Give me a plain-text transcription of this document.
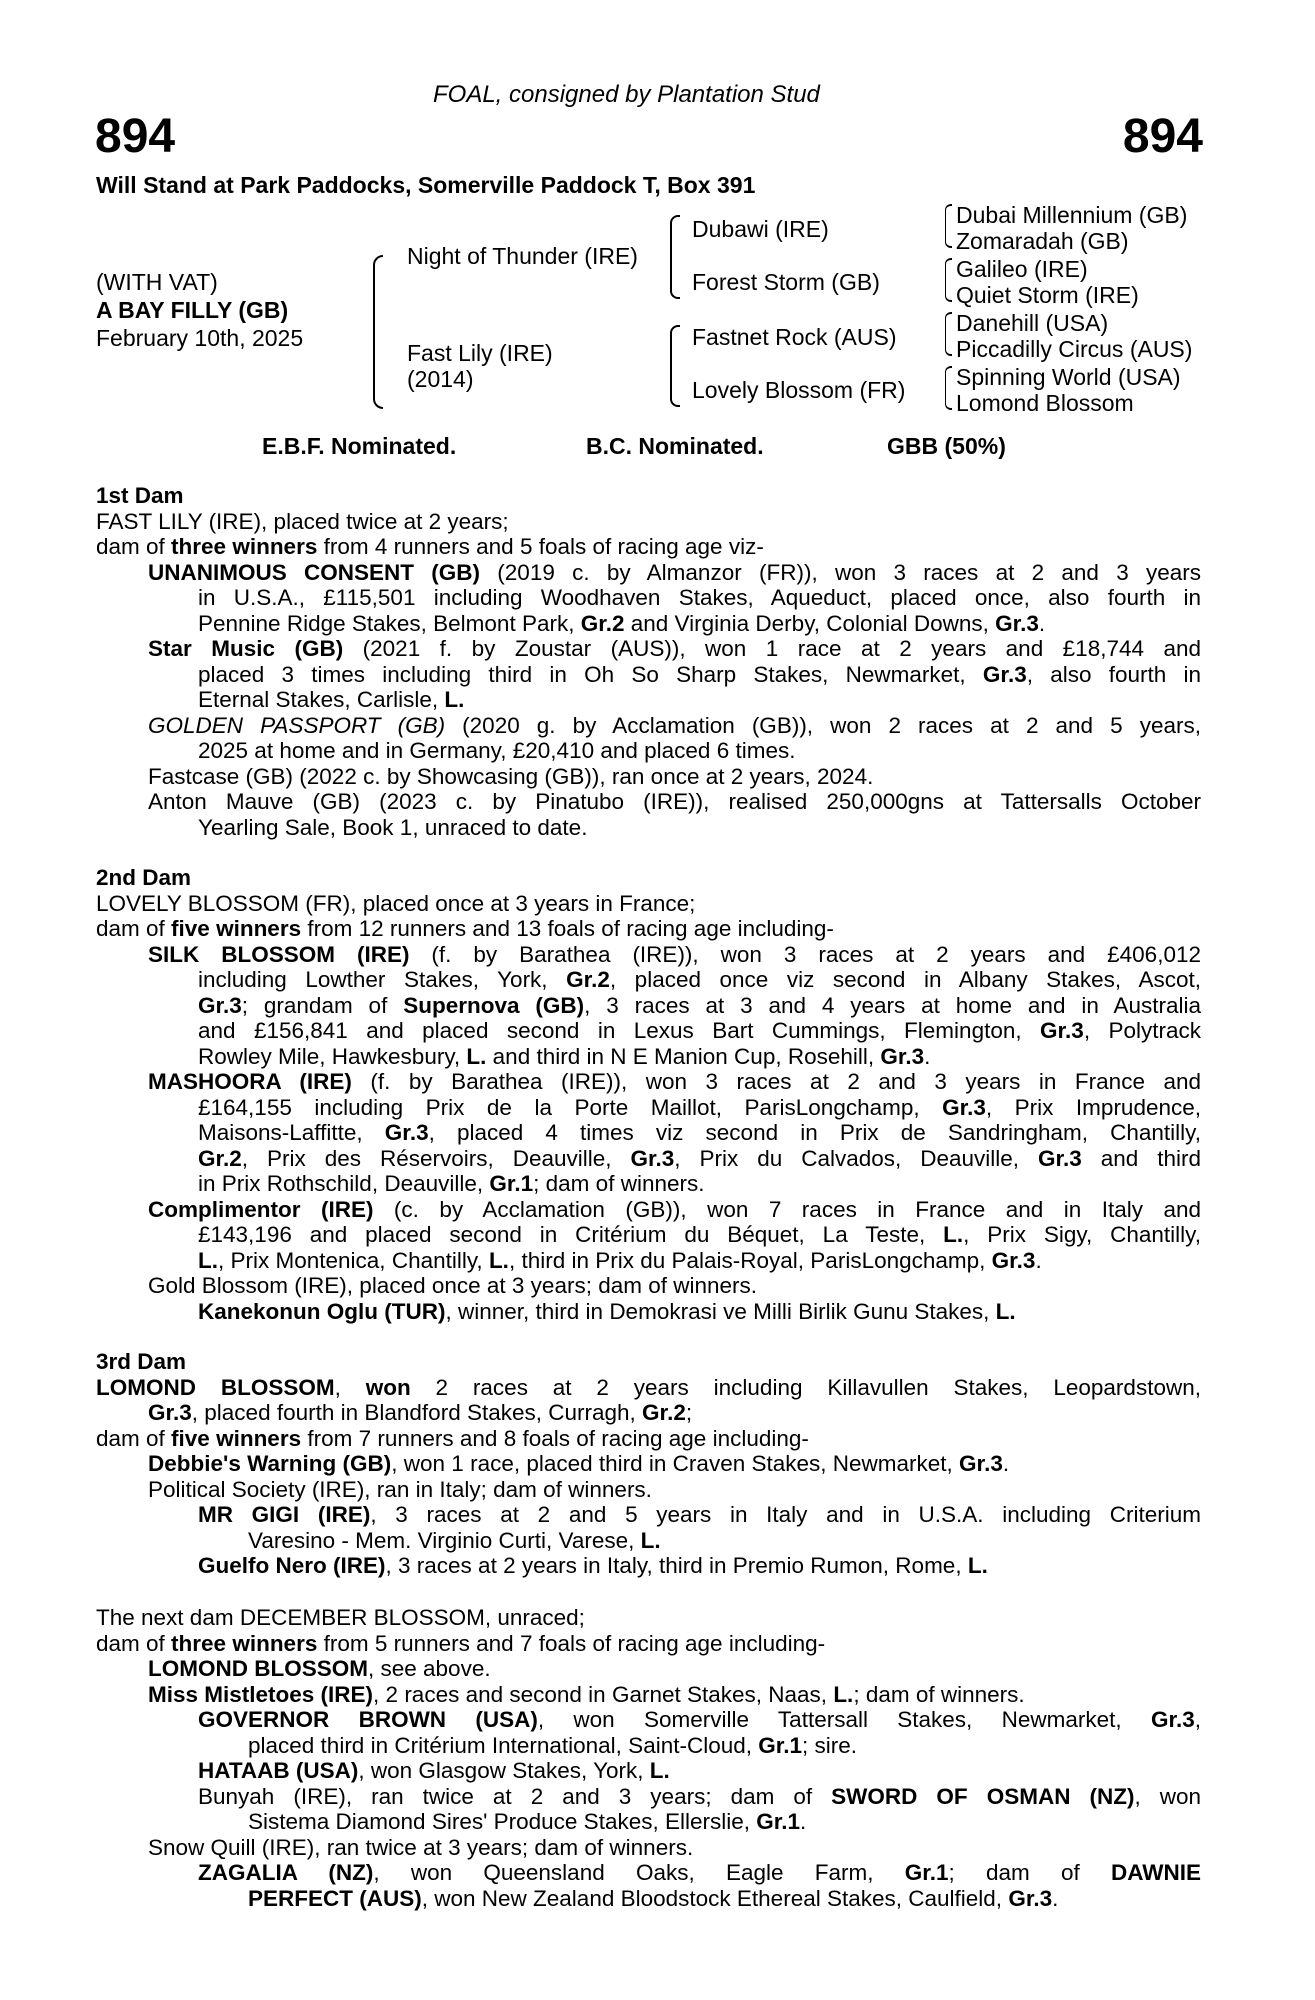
FOAL, consigned by Plantation Stud
894	894
Will Stand at Park Paddocks, Somerville Paddock T, Box 391
(WITH VAT)
A BAY FILLY (GB)
February 10th, 2025
Night of Thunder (IRE)
Fast Lily (IRE)
(2014)
Dubawi (IRE)
Forest Storm (GB)
Fastnet Rock (AUS)
Lovely Blossom (FR)
Dubai Millennium (GB)
Zomaradah (GB)
Galileo (IRE)
Quiet Storm (IRE)
Danehill (USA)
Piccadilly Circus (AUS)
Spinning World (USA)
Lomond Blossom
E.B.F. Nominated.	B.C. Nominated.	GBB (50%)
1st Dam
FAST LILY (IRE), placed twice at 2 years;
dam of three winners from 4 runners and 5 foals of racing age viz-
UNANIMOUS CONSENT (GB) (2019 c. by Almanzor (FR)), won 3 races at 2 and 3 years
in U.S.A., £115,501 including Woodhaven Stakes, Aqueduct, placed once, also fourth in
Pennine Ridge Stakes, Belmont Park, Gr.2 and Virginia Derby, Colonial Downs, Gr.3.
Star Music (GB) (2021 f. by Zoustar (AUS)), won 1 race at 2 years and £18,744 and
placed 3 times including third in Oh So Sharp Stakes, Newmarket, Gr.3, also fourth in
Eternal Stakes, Carlisle, L.
GOLDEN PASSPORT (GB) (2020 g. by Acclamation (GB)), won 2 races at 2 and 5 years,
2025 at home and in Germany, £20,410 and placed 6 times.
Fastcase (GB) (2022 c. by Showcasing (GB)), ran once at 2 years, 2024.
Anton Mauve (GB) (2023 c. by Pinatubo (IRE)), realised 250,000gns at Tattersalls October
Yearling Sale, Book 1, unraced to date.
2nd Dam
LOVELY BLOSSOM (FR), placed once at 3 years in France;
dam of five winners from 12 runners and 13 foals of racing age including-
SILK BLOSSOM (IRE) (f. by Barathea (IRE)), won 3 races at 2 years and £406,012
including Lowther Stakes, York, Gr.2, placed once viz second in Albany Stakes, Ascot,
Gr.3; grandam of Supernova (GB), 3 races at 3 and 4 years at home and in Australia
and £156,841 and placed second in Lexus Bart Cummings, Flemington, Gr.3, Polytrack
Rowley Mile, Hawkesbury, L. and third in N E Manion Cup, Rosehill, Gr.3.
MASHOORA (IRE) (f. by Barathea (IRE)), won 3 races at 2 and 3 years in France and
£164,155 including Prix de la Porte Maillot, ParisLongchamp, Gr.3, Prix Imprudence,
Maisons-Laffitte, Gr.3, placed 4 times viz second in Prix de Sandringham, Chantilly,
Gr.2, Prix des Réservoirs, Deauville, Gr.3, Prix du Calvados, Deauville, Gr.3 and third
in Prix Rothschild, Deauville, Gr.1; dam of winners.
Complimentor (IRE) (c. by Acclamation (GB)), won 7 races in France and in Italy and
£143,196 and placed second in Critérium du Béquet, La Teste, L., Prix Sigy, Chantilly,
L., Prix Montenica, Chantilly, L., third in Prix du Palais-Royal, ParisLongchamp, Gr.3.
Gold Blossom (IRE), placed once at 3 years; dam of winners.
Kanekonun Oglu (TUR), winner, third in Demokrasi ve Milli Birlik Gunu Stakes, L.
3rd Dam
LOMOND BLOSSOM, won 2 races at 2 years including Killavullen Stakes, Leopardstown,
Gr.3, placed fourth in Blandford Stakes, Curragh, Gr.2;
dam of five winners from 7 runners and 8 foals of racing age including-
Debbie's Warning (GB), won 1 race, placed third in Craven Stakes, Newmarket, Gr.3.
Political Society (IRE), ran in Italy; dam of winners.
MR GIGI (IRE), 3 races at 2 and 5 years in Italy and in U.S.A. including Criterium
Varesino - Mem. Virginio Curti, Varese, L.
Guelfo Nero (IRE), 3 races at 2 years in Italy, third in Premio Rumon, Rome, L.
The next dam DECEMBER BLOSSOM, unraced;
dam of three winners from 5 runners and 7 foals of racing age including-
LOMOND BLOSSOM, see above.
Miss Mistletoes (IRE), 2 races and second in Garnet Stakes, Naas, L.; dam of winners.
GOVERNOR BROWN (USA), won Somerville Tattersall Stakes, Newmarket, Gr.3,
placed third in Critérium International, Saint-Cloud, Gr.1; sire.
HATAAB (USA), won Glasgow Stakes, York, L.
Bunyah (IRE), ran twice at 2 and 3 years; dam of SWORD OF OSMAN (NZ), won
Sistema Diamond Sires' Produce Stakes, Ellerslie, Gr.1.
Snow Quill (IRE), ran twice at 3 years; dam of winners.
ZAGALIA (NZ), won Queensland Oaks, Eagle Farm, Gr.1; dam of DAWNIE
PERFECT (AUS), won New Zealand Bloodstock Ethereal Stakes, Caulfield, Gr.3.
